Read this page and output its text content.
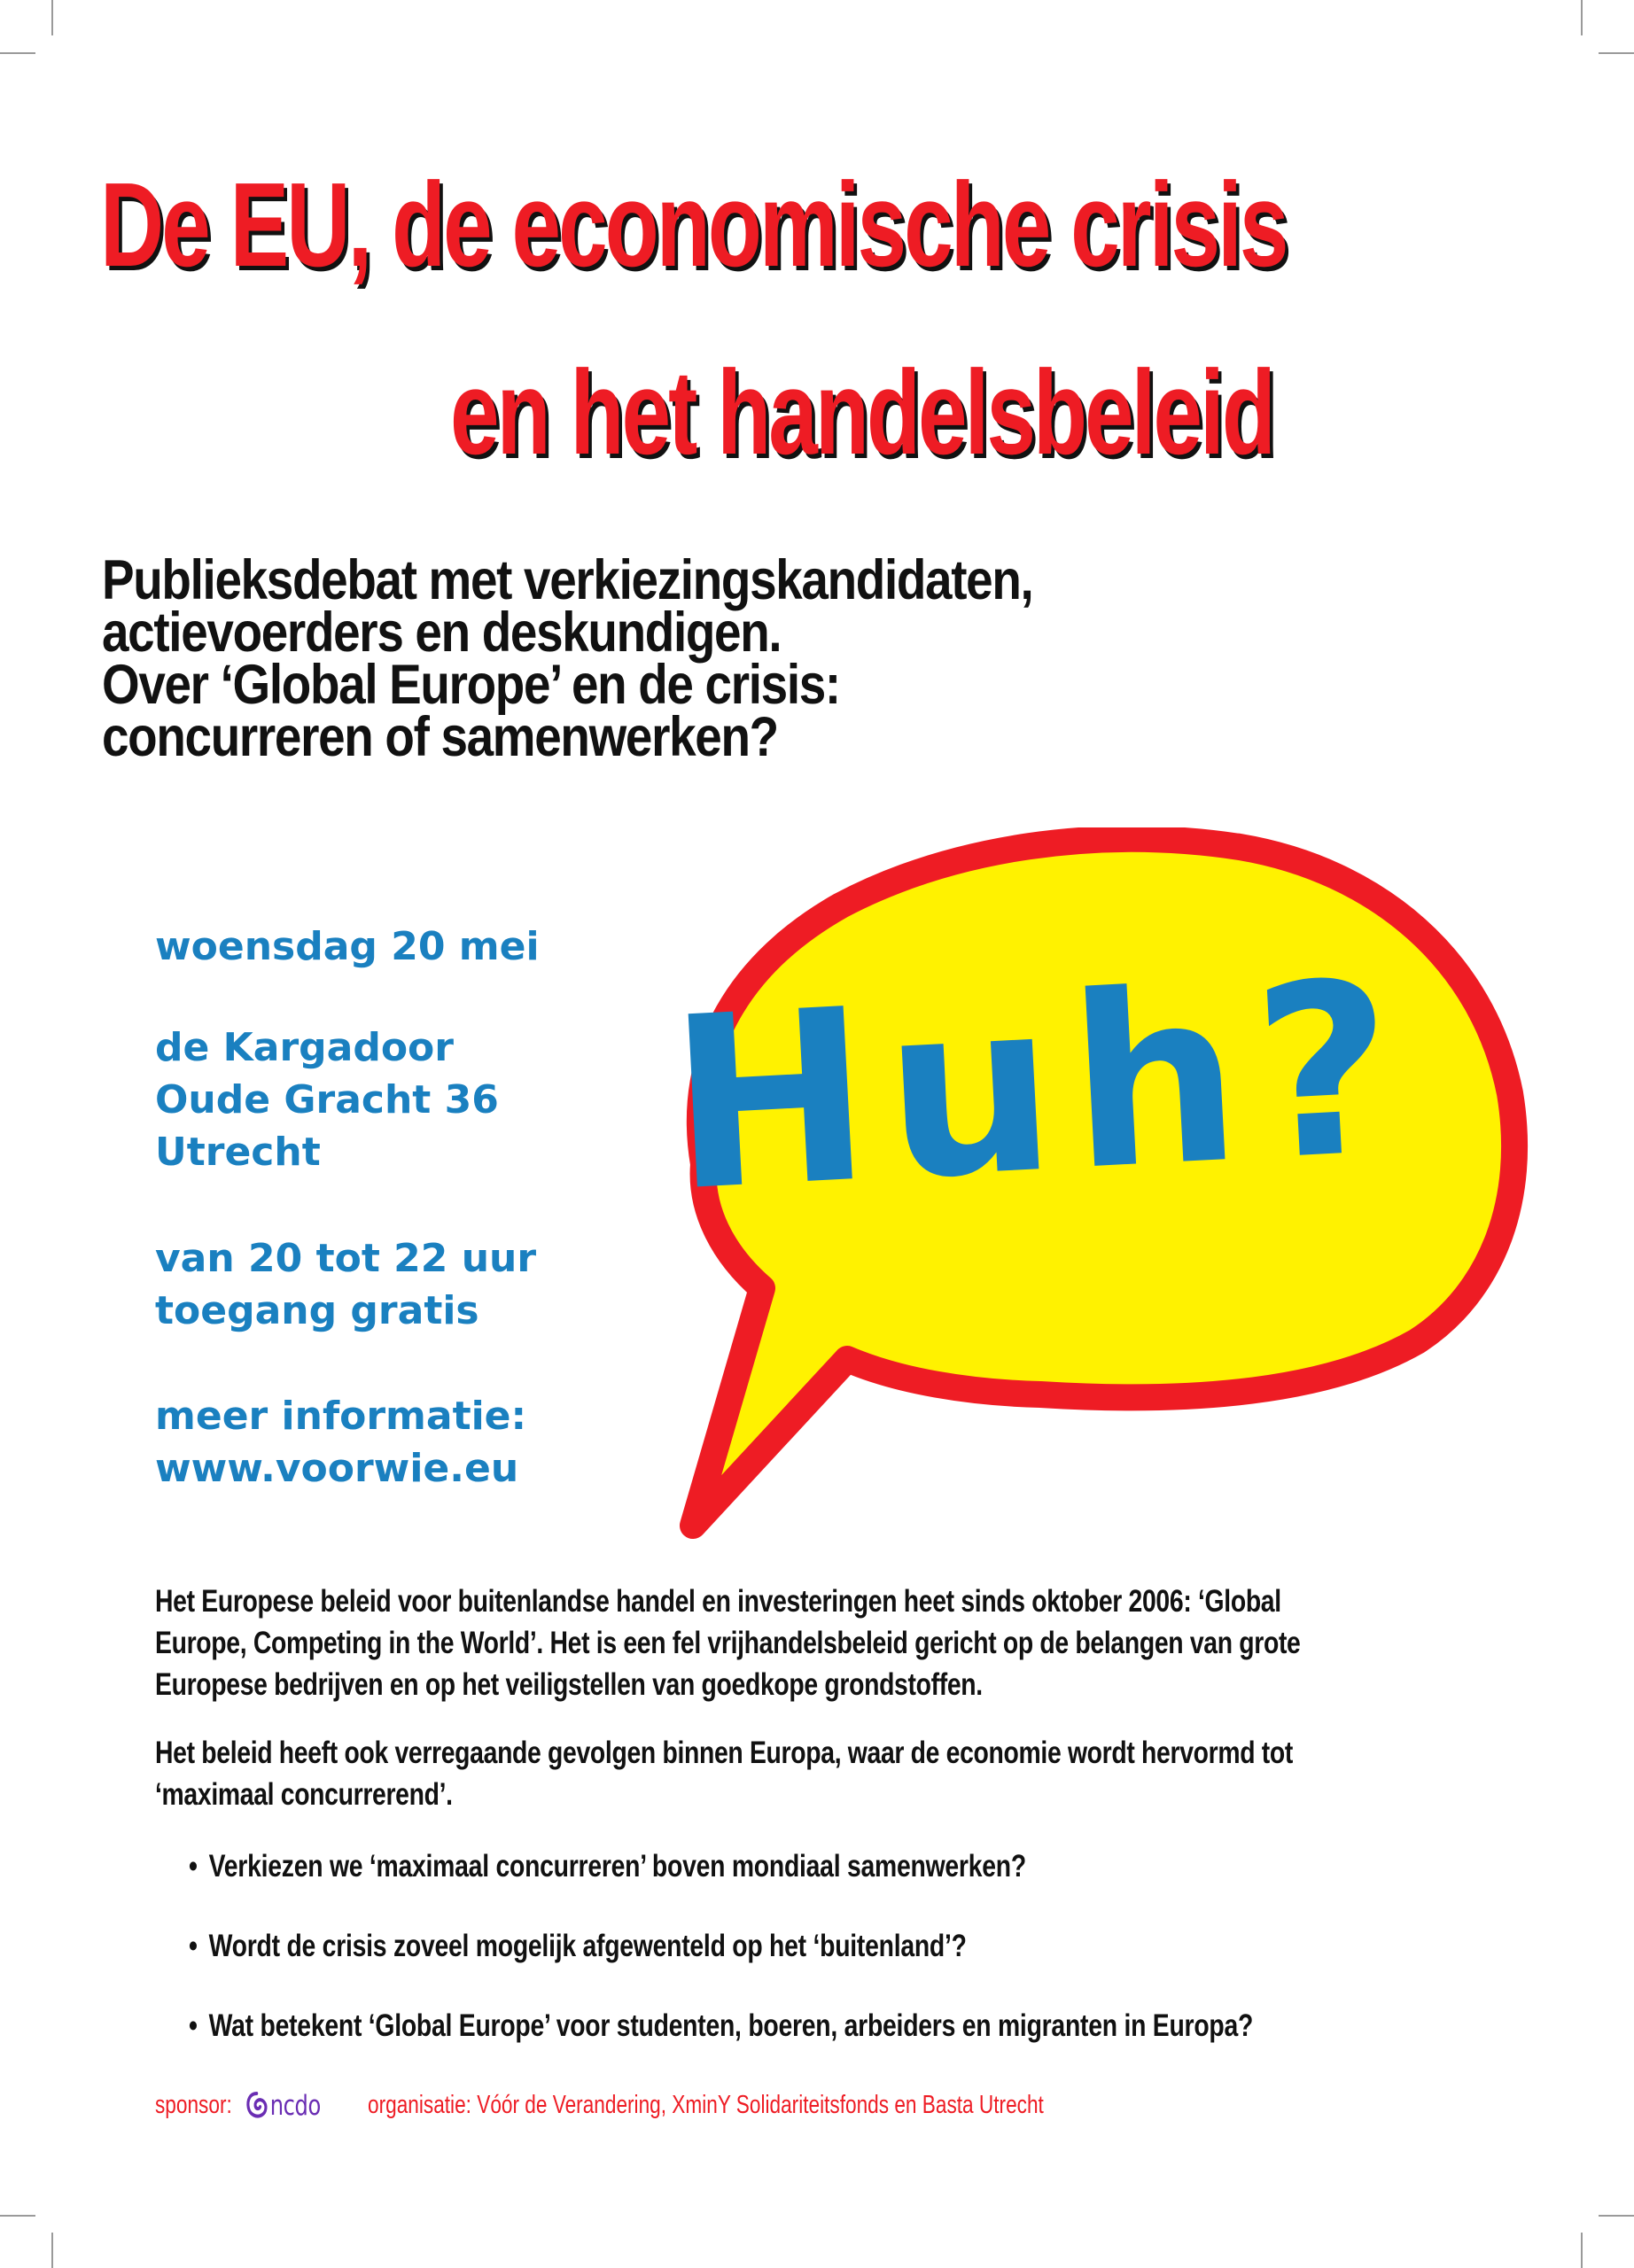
De EU, de economische crisis
en het handelsbeleid

Publieksdebat met verkiezingskandidaten,
actievoerders en deskundigen.
Over ‘Global Europe’ en de crisis:
concurreren of samenwerken?

woensdag 20 mei

de Kargadoor
Oude Gracht 36
Utrecht

van 20 tot 22 uur
toegang gratis

meer informatie:
www.voorwie.eu

Huh?

Het Europese beleid voor buitenlandse handel en investeringen heet sinds oktober 2006: ‘Global
Europe, Competing in the World’. Het is een fel vrijhandelsbeleid gericht op de belangen van grote
Europese bedrijven en op het veiligstellen van goedkope grondstoffen.

Het beleid heeft ook verregaande gevolgen binnen Europa, waar de economie wordt hervormd tot
‘maximaal concurrerend’.

• Verkiezen we ‘maximaal concurreren’ boven mondiaal samenwerken?
• Wordt de crisis zoveel mogelijk afgewenteld op het ‘buitenland’?
• Wat betekent ‘Global Europe’ voor studenten, boeren, arbeiders en migranten in Europa?
sponsor: ncdo organisatie: Vóór de Verandering, XminY Solidariteitsfonds en Basta Utrecht
